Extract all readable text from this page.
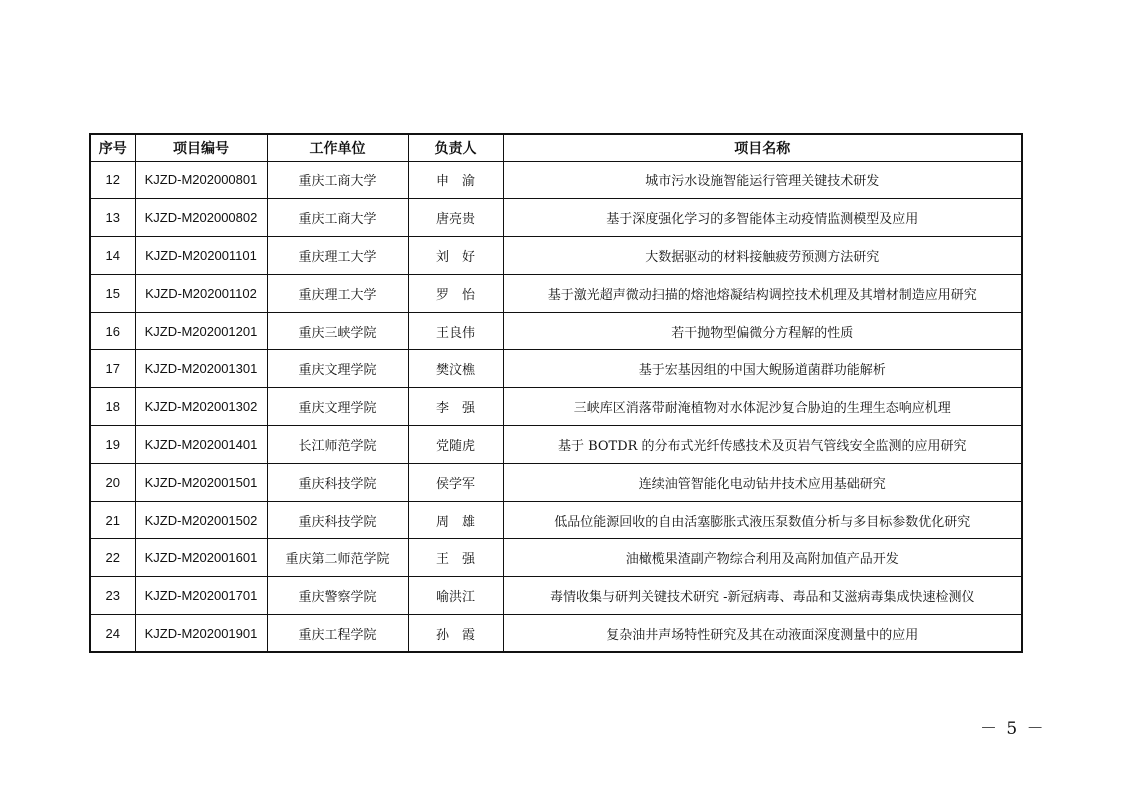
序号	项目编号	工作单位	负责人	项目名称
12	KJZD-M202000801	重庆工商大学	申　渝	城市污水设施智能运行管理关键技术研发
13	KJZD-M202000802	重庆工商大学	唐亮贵	基于深度强化学习的多智能体主动疫情监测模型及应用
14	KJZD-M202001101	重庆理工大学	刘　好	大数据驱动的材料接触疲劳预测方法研究
15	KJZD-M202001102	重庆理工大学	罗　怡	基于激光超声微动扫描的熔池熔凝结构调控技术机理及其增材制造应用研究
16	KJZD-M202001201	重庆三峡学院	王良伟	若干抛物型偏微分方程解的性质
17	KJZD-M202001301	重庆文理学院	樊汶樵	基于宏基因组的中国大鲵肠道菌群功能解析
18	KJZD-M202001302	重庆文理学院	李　强	三峡库区消落带耐淹植物对水体泥沙复合胁迫的生理生态响应机理
19	KJZD-M202001401	长江师范学院	党随虎	基于 BOTDR 的分布式光纤传感技术及页岩气管线安全监测的应用研究
20	KJZD-M202001501	重庆科技学院	侯学军	连续油管智能化电动钻井技术应用基础研究
21	KJZD-M202001502	重庆科技学院	周　雄	低品位能源回收的自由活塞膨胀式液压泵数值分析与多目标参数优化研究
22	KJZD-M202001601	重庆第二师范学院	王　强	油橄榄果渣副产物综合利用及高附加值产品开发
23	KJZD-M202001701	重庆警察学院	喻洪江	毒情收集与研判关键技术研究 -新冠病毒、毒品和艾滋病毒集成快速检测仪
24	KJZD-M202001901	重庆工程学院	孙　霞	复杂油井声场特性研究及其在动液面深度测量中的应用
－ 5 －
